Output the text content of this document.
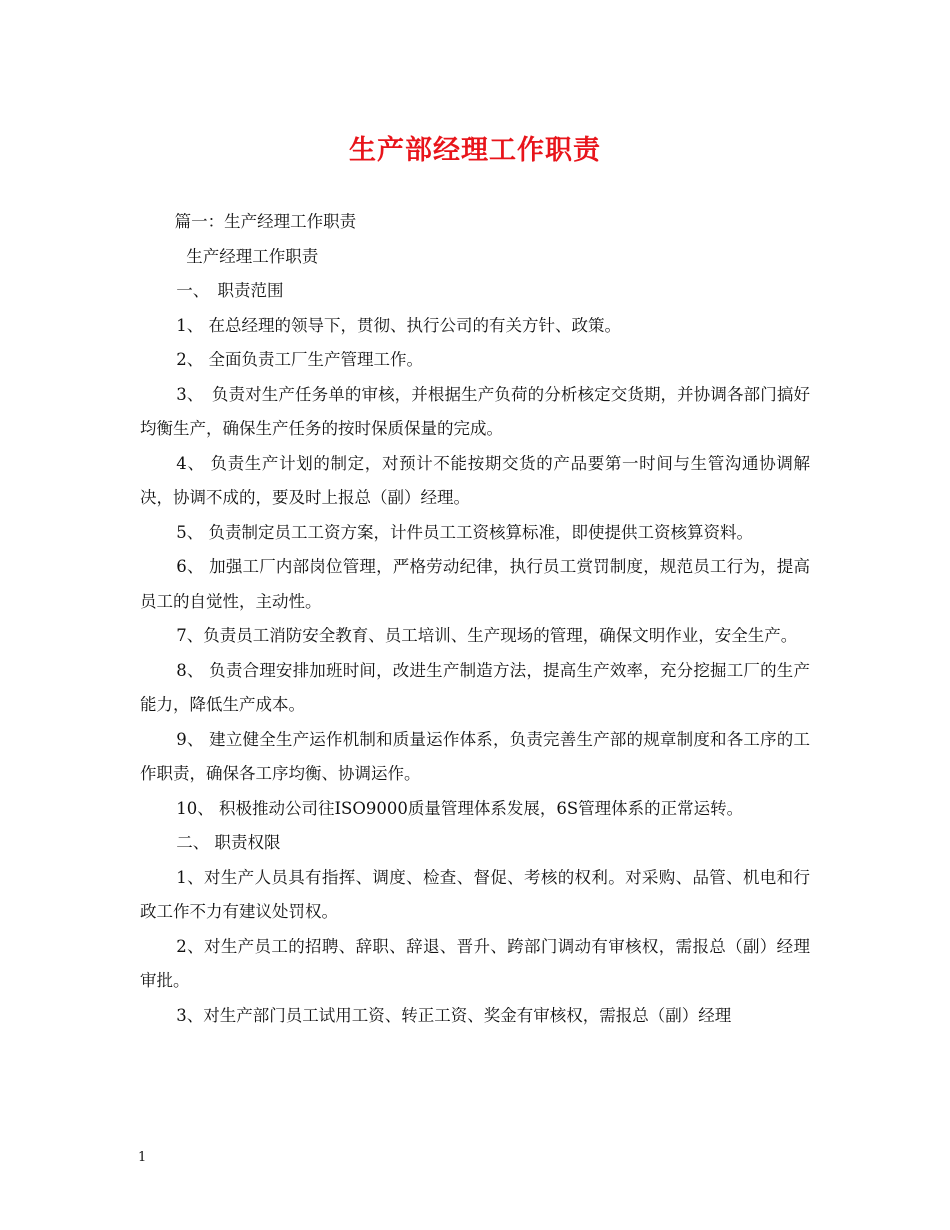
生产部经理工作职责

篇一：生产经理工作职责

生产经理工作职责

一、　职责范围

1、 在总经理的领导下，贯彻、执行公司的有关方针、政策。

2、 全面负责工厂生产管理工作。

3、　负责对生产任务单的审核，并根据生产负荷的分析核定交货期，并协调各部门搞好均衡生产，确保生产任务的按时保质保量的完成。

4、 负责生产计划的制定，对预计不能按期交货的产品要第一时间与生管沟通协调解决，协调不成的，要及时上报总（副）经理。

5、 负责制定员工工资方案，计件员工工资核算标准，即使提供工资核算资料。

6、 加强工厂内部岗位管理，严格劳动纪律，执行员工赏罚制度，规范员工行为，提高员工的自觉性，主动性。

7、负责员工消防安全教育、员工培训、生产现场的管理，确保文明作业，安全生产。

8、 负责合理安排加班时间，改进生产制造方法，提高生产效率，充分挖掘工厂的生产能力，降低生产成本。

9、 建立健全生产运作机制和质量运作体系，负责完善生产部的规章制度和各工序的工作职责，确保各工序均衡、协调运作。

10、 积极推动公司往ISO9000质量管理体系发展，6S管理体系的正常运转。

二、 职责权限

1、对生产人员具有指挥、调度、检查、督促、考核的权利。对采购、品管、机电和行政工作不力有建议处罚权。

2、对生产员工的招聘、辞职、辞退、晋升、跨部门调动有审核权，需报总（副）经理审批。

3、对生产部门员工试用工资、转正工资、奖金有审核权，需报总（副）经理

1
